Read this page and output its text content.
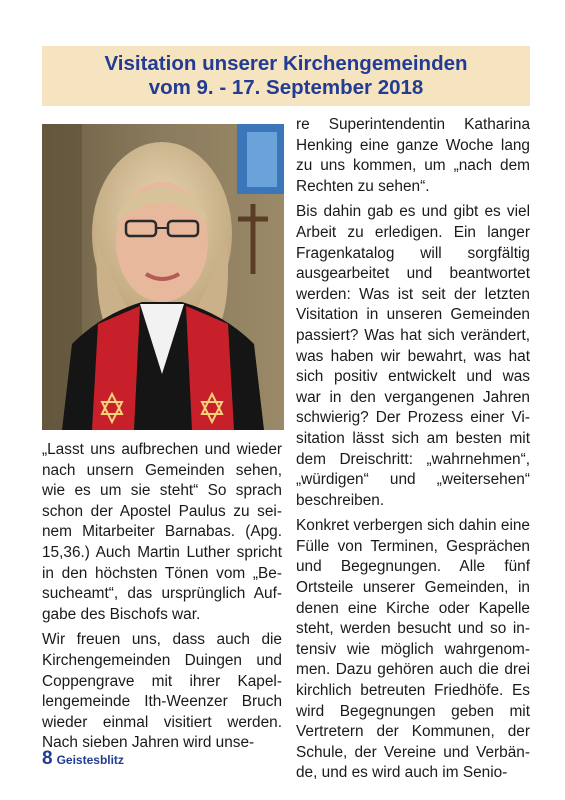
Visitation unserer Kirchengemeinden
vom 9. - 17. September 2018

„Lasst uns aufbrechen und wieder nach unsern Gemeinden sehen, wie es um sie steht“ So sprach schon der Apostel Paulus zu seinem Mitarbeiter Barnabas. (Apg. 15,36.) Auch Martin Luther spricht in den höchsten Tönen vom „Besucheamt“, das ursprünglich Aufgabe des Bischofs war.

Wir freuen uns, dass auch die Kirchengemeinden Duingen und Coppengrave mit ihrer Kapellengemeinde Ith-Weenzer Bruch wieder einmal visitiert werden. Nach sieben Jahren wird unse-

re Superintendentin Katharina Henking eine ganze Woche lang zu uns kommen, um „nach dem Rechten zu sehen“.

Bis dahin gab es und gibt es viel Arbeit zu erledigen. Ein langer Fragenkatalog will sorgfältig ausgearbeitet und beantwortet werden: Was ist seit der letzten Visitation in unseren Gemeinden passiert? Was hat sich verändert, was haben wir bewahrt, was hat sich positiv entwickelt und was war in den vergangenen Jahren schwierig? Der Prozess einer Visitation lässt sich am besten mit dem Dreischritt: „wahrnehmen“, „würdigen“ und „weitersehen“ beschreiben.

Konkret verbergen sich dahin eine Fülle von Terminen, Gesprächen und Begegnungen. Alle fünf Ortsteile unserer Gemeinden, in denen eine Kirche oder Kapelle steht, werden besucht und so intensiv wie möglich wahrgenommen. Dazu gehören auch die drei kirchlich betreuten Friedhöfe. Es wird Begegnungen geben mit Vertretern der Kommunen, der Schule, der Vereine und Verbände, und es wird auch im Senio-

8 Geistesblitz
